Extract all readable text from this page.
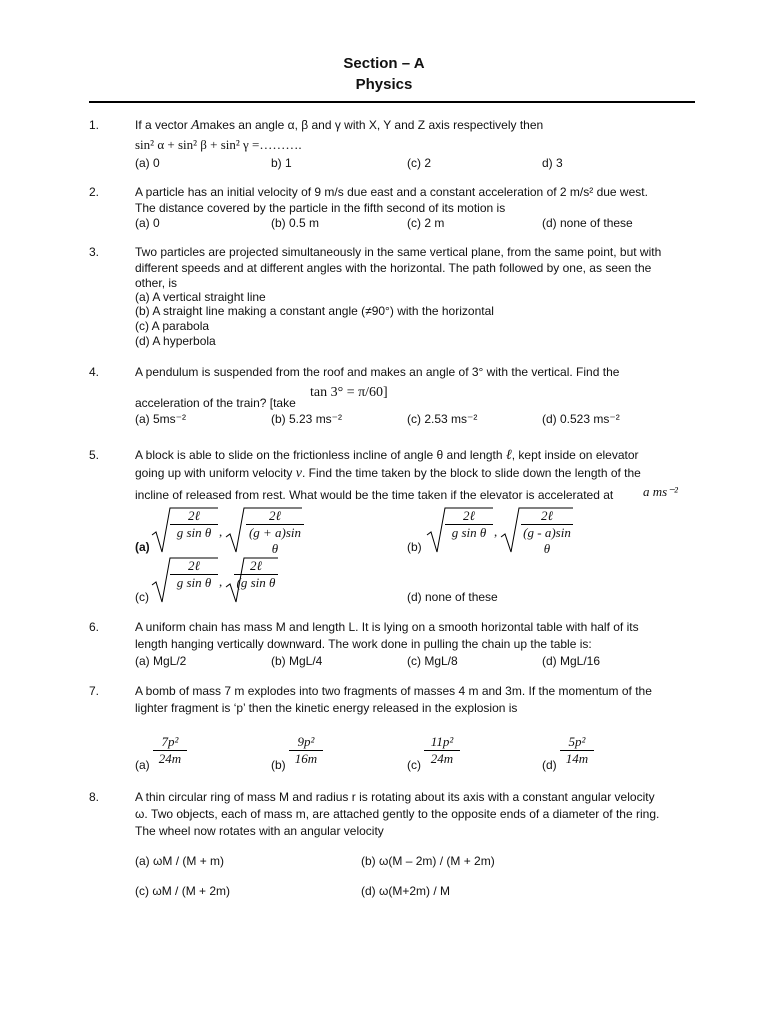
Section – A
Physics
1.	If a vector Amakes an angle α, β and γ with X, Y and Z axis respectively then
sin² α + sin² β + sin² γ =……….
(a) 0	b) 1	(c) 2	d) 3
2.	A particle has an initial velocity of 9 m/s due east and a constant acceleration of 2 m/s² due west.
The distance covered by the particle in the fifth second of its motion is
(a) 0	(b) 0.5 m	(c) 2 m	(d) none of these
3.	Two particles are projected simultaneously in the same vertical plane, from the same point, but with
different speeds and at different angles with the horizontal. The path followed by one, as seen the
other, is
(a) A vertical straight line
(b) A straight line making a constant angle (≠90°) with the horizontal
(c) A parabola
(d) A hyperbola
4.	A pendulum is suspended from the roof and makes an angle of 3° with the vertical. Find the
acceleration of the train? [take
tan 3° = π/60]
(a) 5ms⁻²	(b) 5.23 ms⁻²	(c) 2.53 ms⁻²	(d) 0.523 ms⁻²
5.	A block is able to slide on the frictionless incline of angle θ and length ℓ, kept inside on elevator
going up with uniform velocity v. Find the time taken by the block to slide down the length of the
incline of released from rest. What would be the time taken if the elevator is accelerated at a ms⁻²
(a)
2ℓ
g sin θ ,
2ℓ
(g + a)sin θ	(b)
2ℓ
g sin θ ,
2ℓ
(g - a)sin θ
(c)
2ℓ
g sin θ ,
2ℓ
(g sin θ
(d) none of these
6.	A uniform chain has mass M and length L. It is lying on a smooth horizontal table with half of its
length hanging vertically downward. The work done in pulling the chain up the table is:
(a) MgL/2	(b) MgL/4	(c) MgL/8	(d) MgL/16
7.	A bomb of mass 7 m explodes into two fragments of masses 4 m and 3m. If the momentum of the
lighter fragment is ‘p’ then the kinetic energy released in the explosion is
$(a) \frac{\text{7p²}}{24m}$	$(b) \frac{\text{9p²}}{16m}$	$(c) \frac{\text{11p²}}{24m}$	$(d) \frac{\text{5p²}}{14m}$
8.	A thin circular ring of mass M and radius r is rotating about its axis with a constant angular velocity
ω. Two objects, each of mass m, are attached gently to the opposite ends of a diameter of the ring.
The wheel now rotates with an angular velocity
(a) ωM / (M + m)	(b) ω(M – 2m) / (M + 2m)
(c) ωM / (M + 2m)	(d) ω(M+2m) / M
